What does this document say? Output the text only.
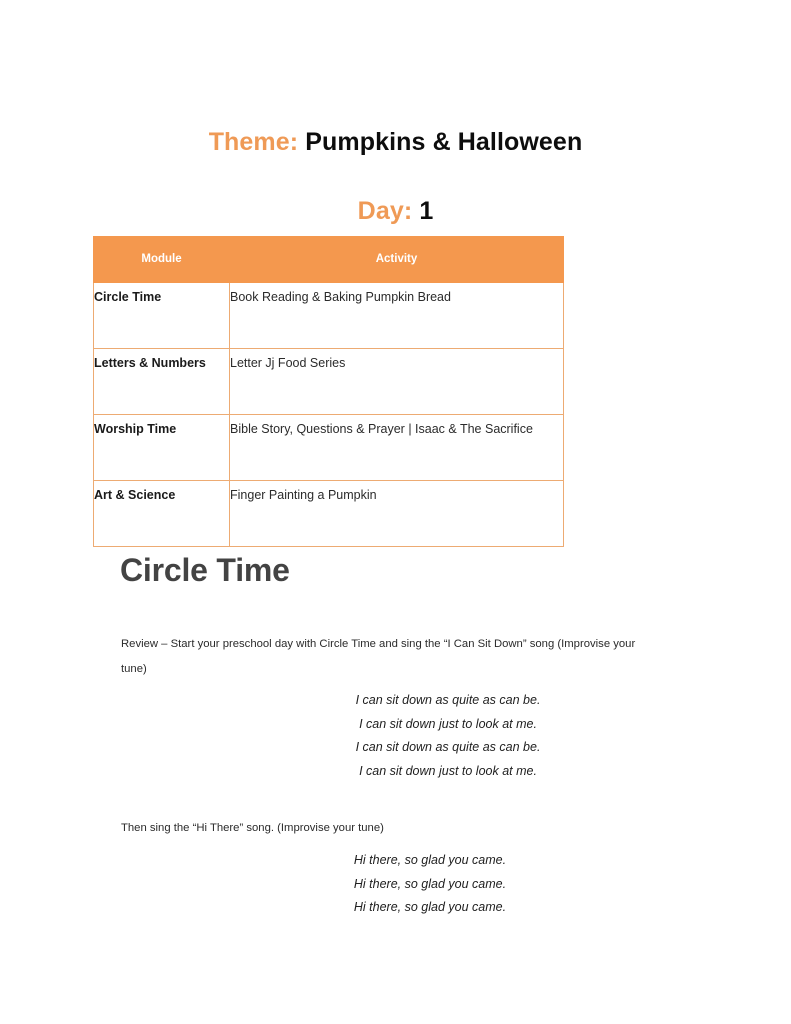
Theme: Pumpkins & Halloween
Day: 1
Module	Activity
Circle Time	Book Reading & Baking Pumpkin Bread
Letters & Numbers	Letter Jj Food Series
Worship Time	Bible Story, Questions & Prayer | Isaac & The Sacrifice
Art & Science	Finger Painting a Pumpkin
Circle Time
Review – Start your preschool day with Circle Time and sing the “I Can Sit Down” song (Improvise your tune)
I can sit down as quite as can be.
I can sit down just to look at me.
I can sit down as quite as can be.
I can sit down just to look at me.
Then sing the “Hi There” song. (Improvise your tune)
Hi there, so glad you came.
Hi there, so glad you came.
Hi there, so glad you came.
